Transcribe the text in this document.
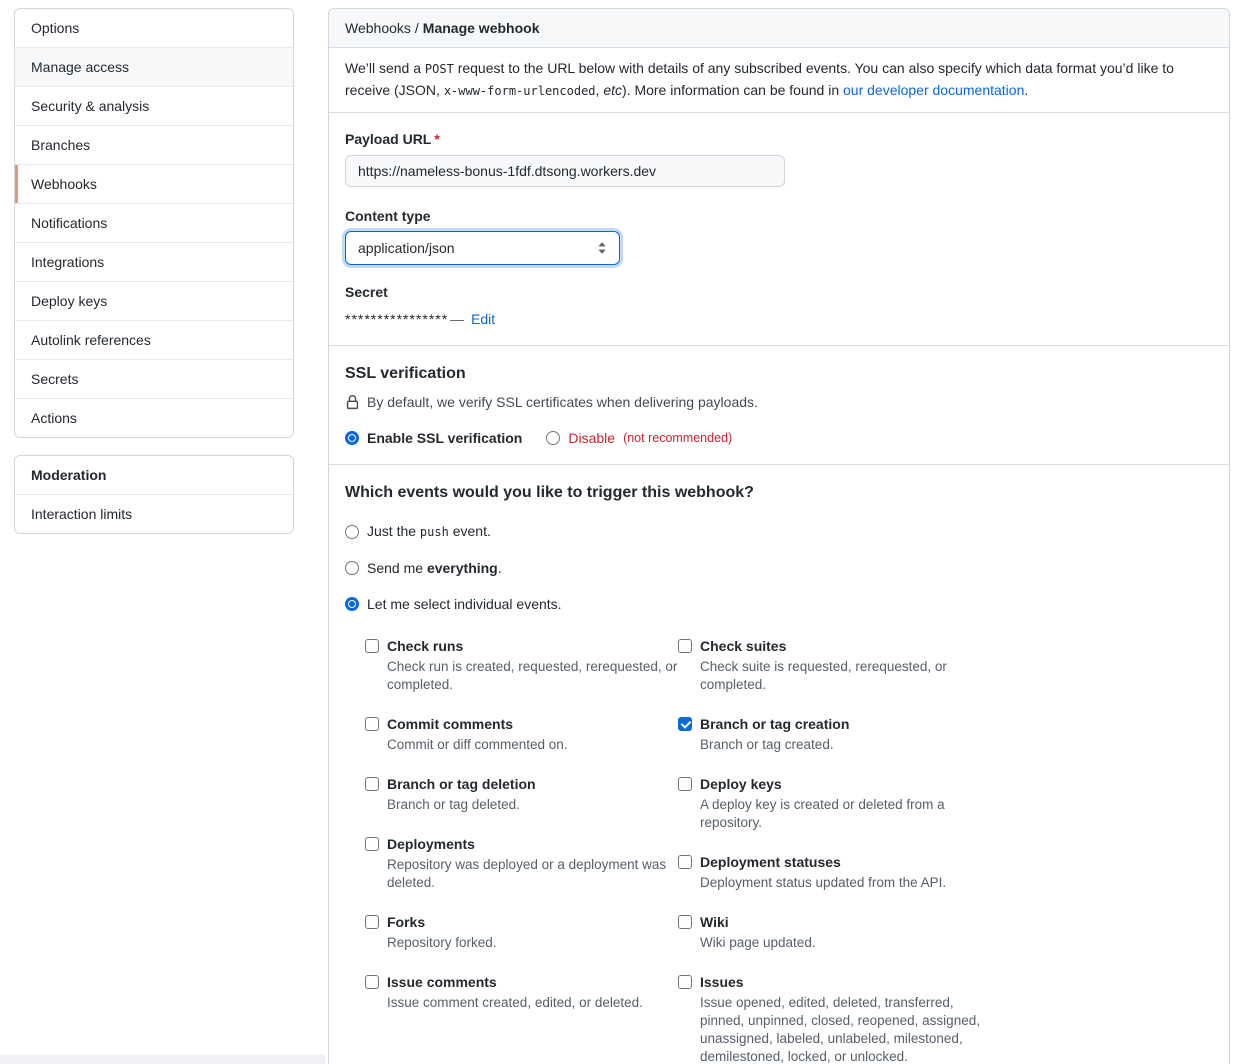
Options
Manage access
Security & analysis
Branches
Webhooks
Notifications
Integrations
Deploy keys
Autolink references
Secrets
Actions
Moderation
Interaction limits
Webhooks / Manage webhook
We’ll send a POST request to the URL below with details of any subscribed events. You can also specify which data format you’d like to receive (JSON, x-www-form-urlencoded, etc). More information can be found in our developer documentation.
Payload URL *
https://nameless-bonus-1fdf.dtsong.workers.dev
Content type
application/json
Secret
**************** — Edit
SSL verification
By default, we verify SSL certificates when delivering payloads.
Enable SSL verification	Disable (not recommended)
Which events would you like to trigger this webhook?
Just the push event.
Send me everything.
Let me select individual events.
Check runs
Check run is created, requested, rerequested, or completed.
Commit comments
Commit or diff commented on.
Branch or tag deletion
Branch or tag deleted.
Deployments
Repository was deployed or a deployment was deleted.
Forks
Repository forked.
Issue comments
Issue comment created, edited, or deleted.
Check suites
Check suite is requested, rerequested, or completed.
Branch or tag creation
Branch or tag created.
Deploy keys
A deploy key is created or deleted from a repository.
Deployment statuses
Deployment status updated from the API.
Wiki
Wiki page updated.
Issues
Issue opened, edited, deleted, transferred, pinned, unpinned, closed, reopened, assigned, unassigned, labeled, unlabeled, milestoned, demilestoned, locked, or unlocked.
